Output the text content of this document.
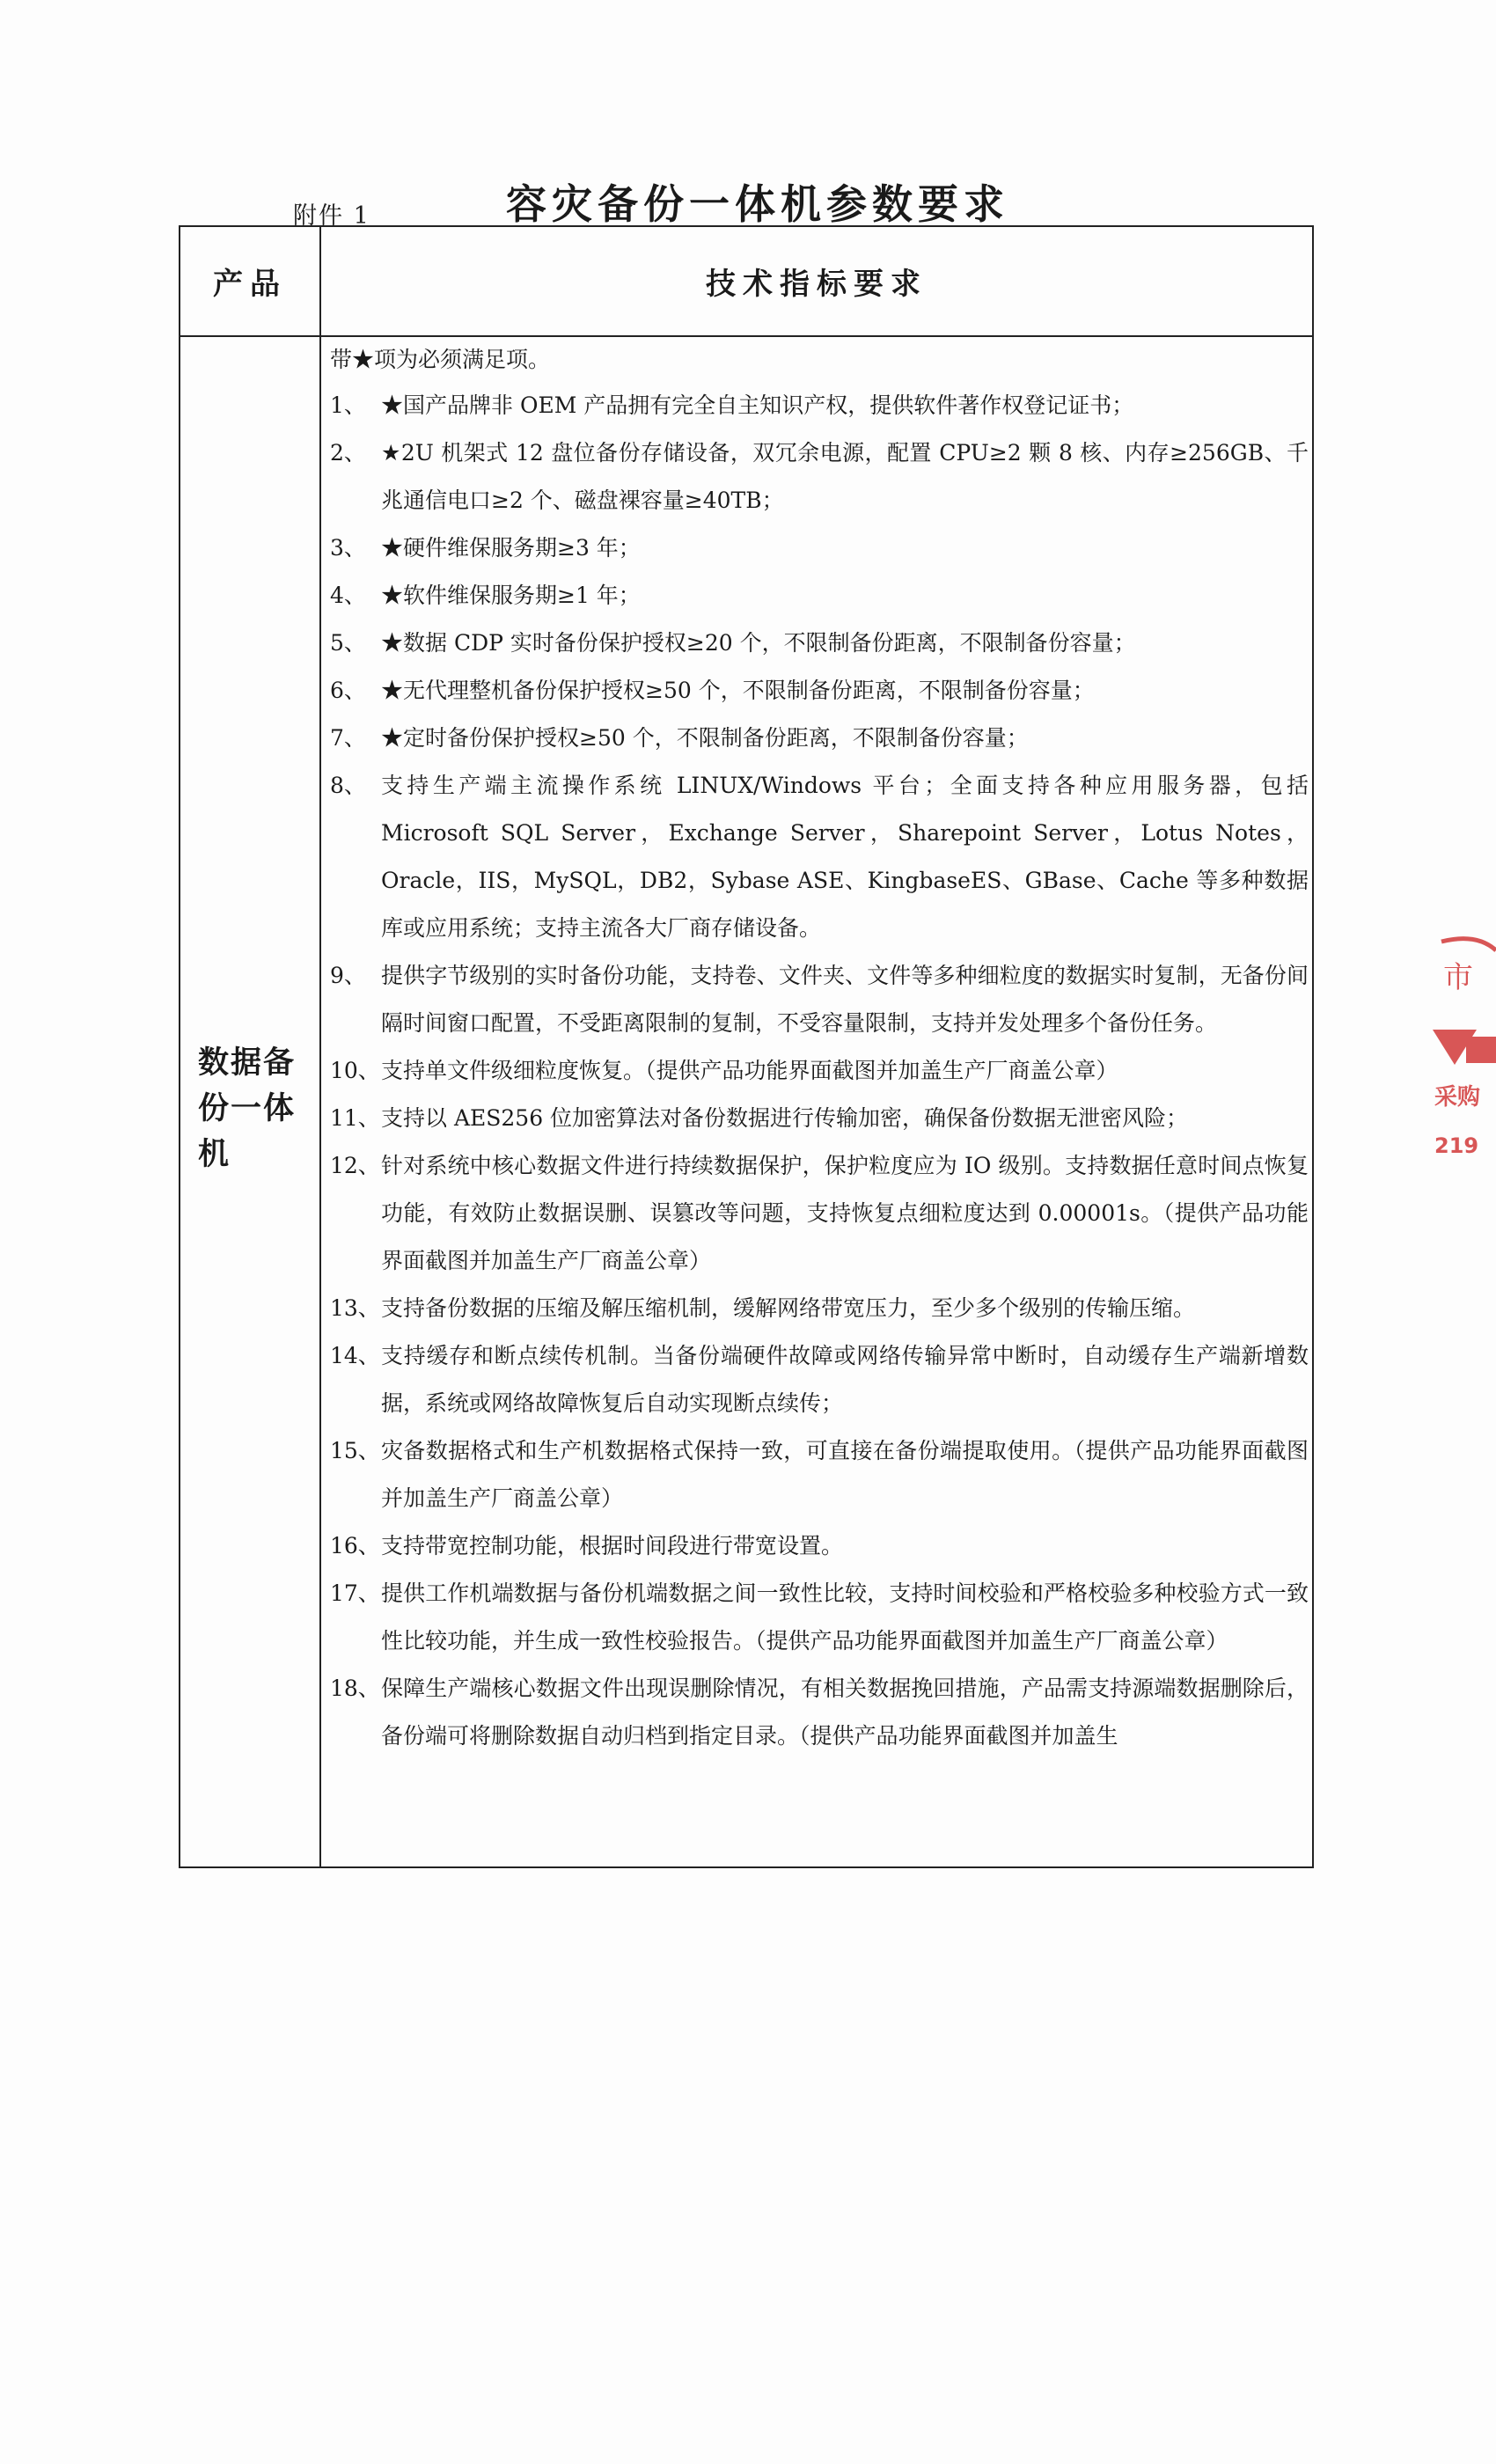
附件 1	容灾备份一体机参数要求
产品	技术指标要求
数据备份一体机
带★项为必须满足项。
1、 ★国产品牌非 OEM 产品拥有完全自主知识产权，提供软件著作权登记证书；
2、 ★2U 机架式 12 盘位备份存储设备，双冗余电源，配置 CPU≥2 颗 8 核、内存≥256GB、千兆通信电口≥2 个、磁盘裸容量≥40TB；
3、 ★硬件维保服务期≥3 年；
4、 ★软件维保服务期≥1 年；
5、 ★数据 CDP 实时备份保护授权≥20 个，不限制备份距离，不限制备份容量；
6、 ★无代理整机备份保护授权≥50 个，不限制备份距离，不限制备份容量；
7、 ★定时备份保护授权≥50 个，不限制备份距离，不限制备份容量；
8、 支持生产端主流操作系统 LINUX/Windows 平台；全面支持各种应用服务器，包括 Microsoft SQL Server，Exchange Server，Sharepoint Server，Lotus Notes，Oracle，IIS，MySQL，DB2，Sybase ASE、KingbaseES、GBase、Cache 等多种数据库或应用系统；支持主流各大厂商存储设备。
9、 提供字节级别的实时备份功能，支持卷、文件夹、文件等多种细粒度的数据实时复制，无备份间隔时间窗口配置，不受距离限制的复制，不受容量限制，支持并发处理多个备份任务。
10、 支持单文件级细粒度恢复。（提供产品功能界面截图并加盖生产厂商盖公章）
11、 支持以 AES256 位加密算法对备份数据进行传输加密，确保备份数据无泄密风险；
12、 针对系统中核心数据文件进行持续数据保护，保护粒度应为 IO 级别。支持数据任意时间点恢复功能，有效防止数据误删、误篡改等问题，支持恢复点细粒度达到 0.00001s。（提供产品功能界面截图并加盖生产厂商盖公章）
13、 支持备份数据的压缩及解压缩机制，缓解网络带宽压力，至少多个级别的传输压缩。
14、 支持缓存和断点续传机制。当备份端硬件故障或网络传输异常中断时，自动缓存生产端新增数据，系统或网络故障恢复后自动实现断点续传；
15、 灾备数据格式和生产机数据格式保持一致，可直接在备份端提取使用。（提供产品功能界面截图并加盖生产厂商盖公章）
16、 支持带宽控制功能，根据时间段进行带宽设置。
17、 提供工作机端数据与备份机端数据之间一致性比较，支持时间校验和严格校验多种校验方式一致性比较功能，并生成一致性校验报告。（提供产品功能界面截图并加盖生产厂商盖公章）
18、 保障生产端核心数据文件出现误删除情况，有相关数据挽回措施，产品需支持源端数据删除后，备份端可将删除数据自动归档到指定目录。（提供产品功能界面截图并加盖生
市
采购
219
